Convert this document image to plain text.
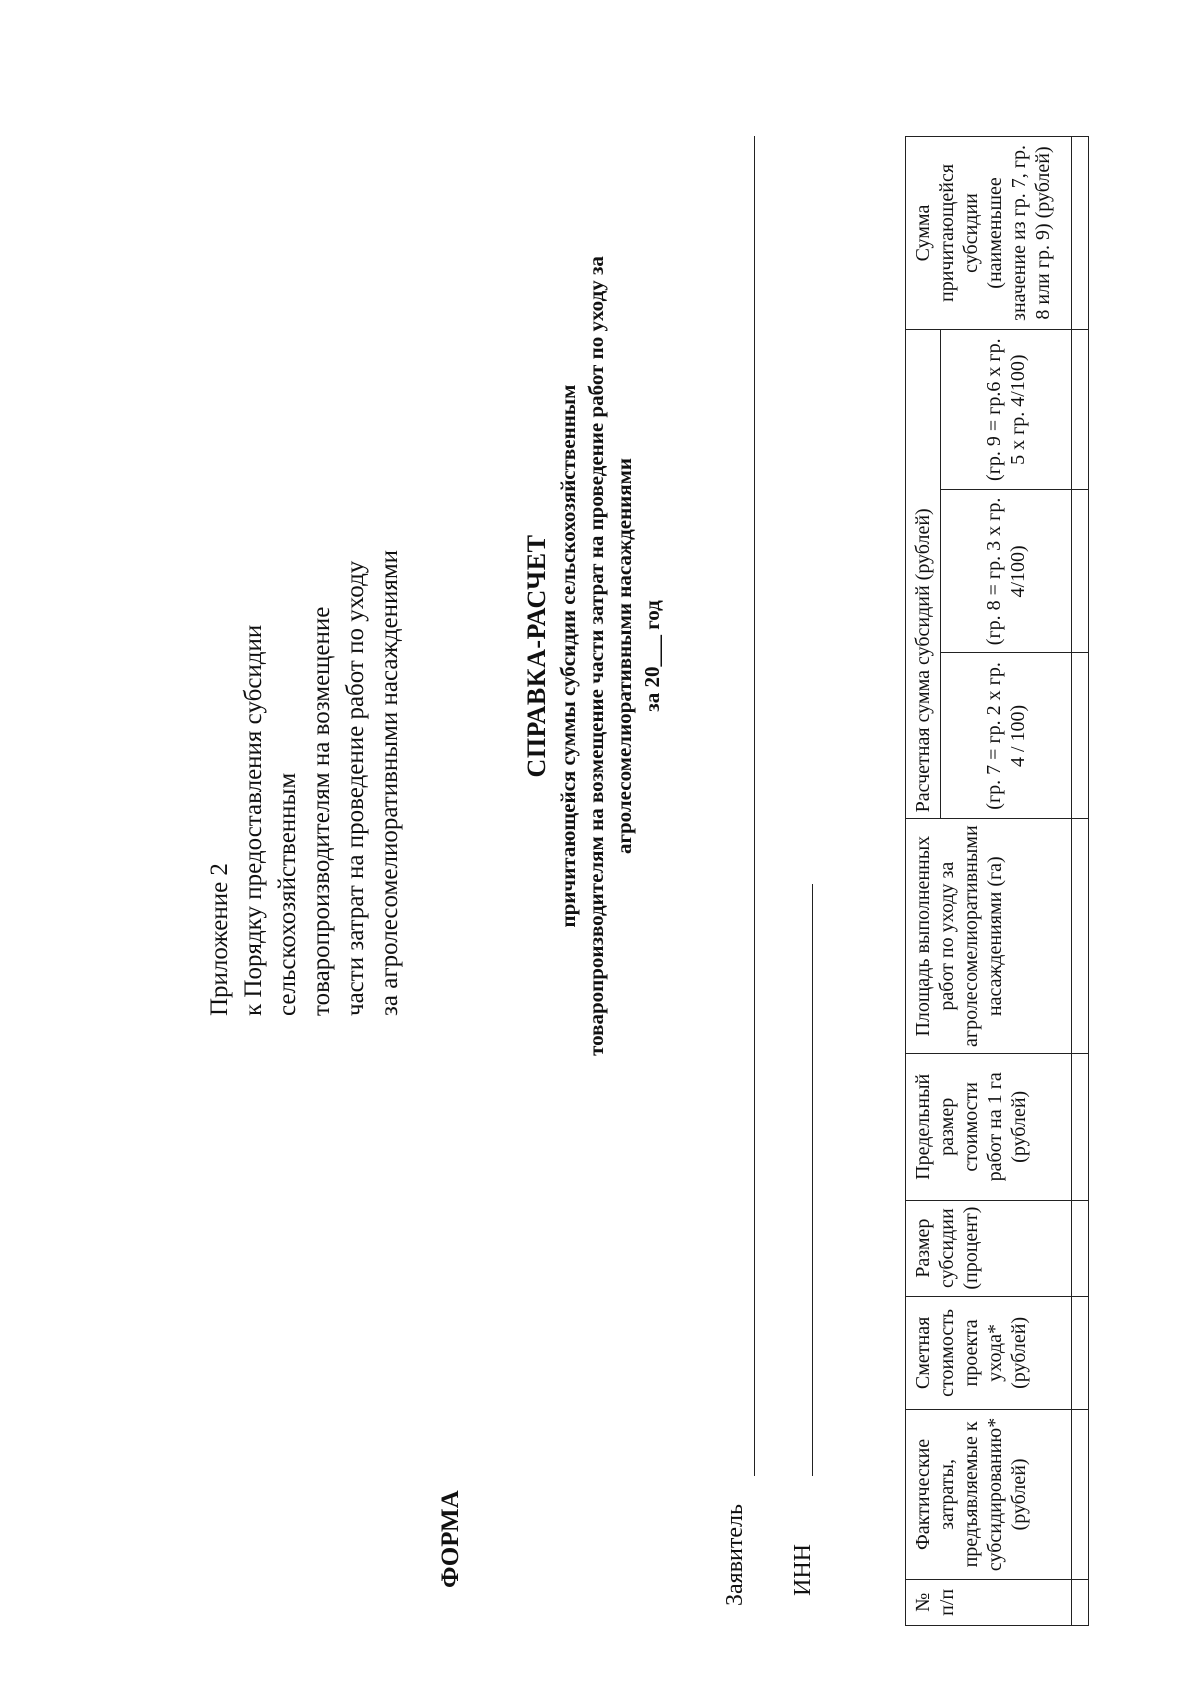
Приложение 2 к Порядку предоставления субсидии сельскохозяйственным товаропроизводителям на возмещение части затрат на проведение работ по уходу за агролесомелиоративными насаждениями
ФОРМА
СПРАВКА-РАСЧЕТ причитающейся суммы субсидии сельскохозяйственным товаропроизводителям на возмещение части затрат на проведение работ по уходу за агролесомелиоративными насаждениями за 20___ год
Заявитель ИНН
№ п/п	Фактические затраты, предъявляемые к субсидированию* (рублей)	Сметная стоимость проекта ухода* (рублей)	Размер субсидии (процент)	Предельный размер стоимости работ на 1 га (рублей)	Площадь выполненных работ по уходу за агролесомелиоративными насаждениями (га)	Расчетная сумма субсидий (рублей)			Сумма причитающейся субсидии (наименьшее значение из гр. 7, гр. 8 или гр. 9) (рублей)
						(гр. 7 = гр. 2 x гр. 4 / 100)	(гр. 8 = гр. 3 x гр. 4/100)	(гр. 9 = гр.6 x гр. 5 x гр. 4/100)	
